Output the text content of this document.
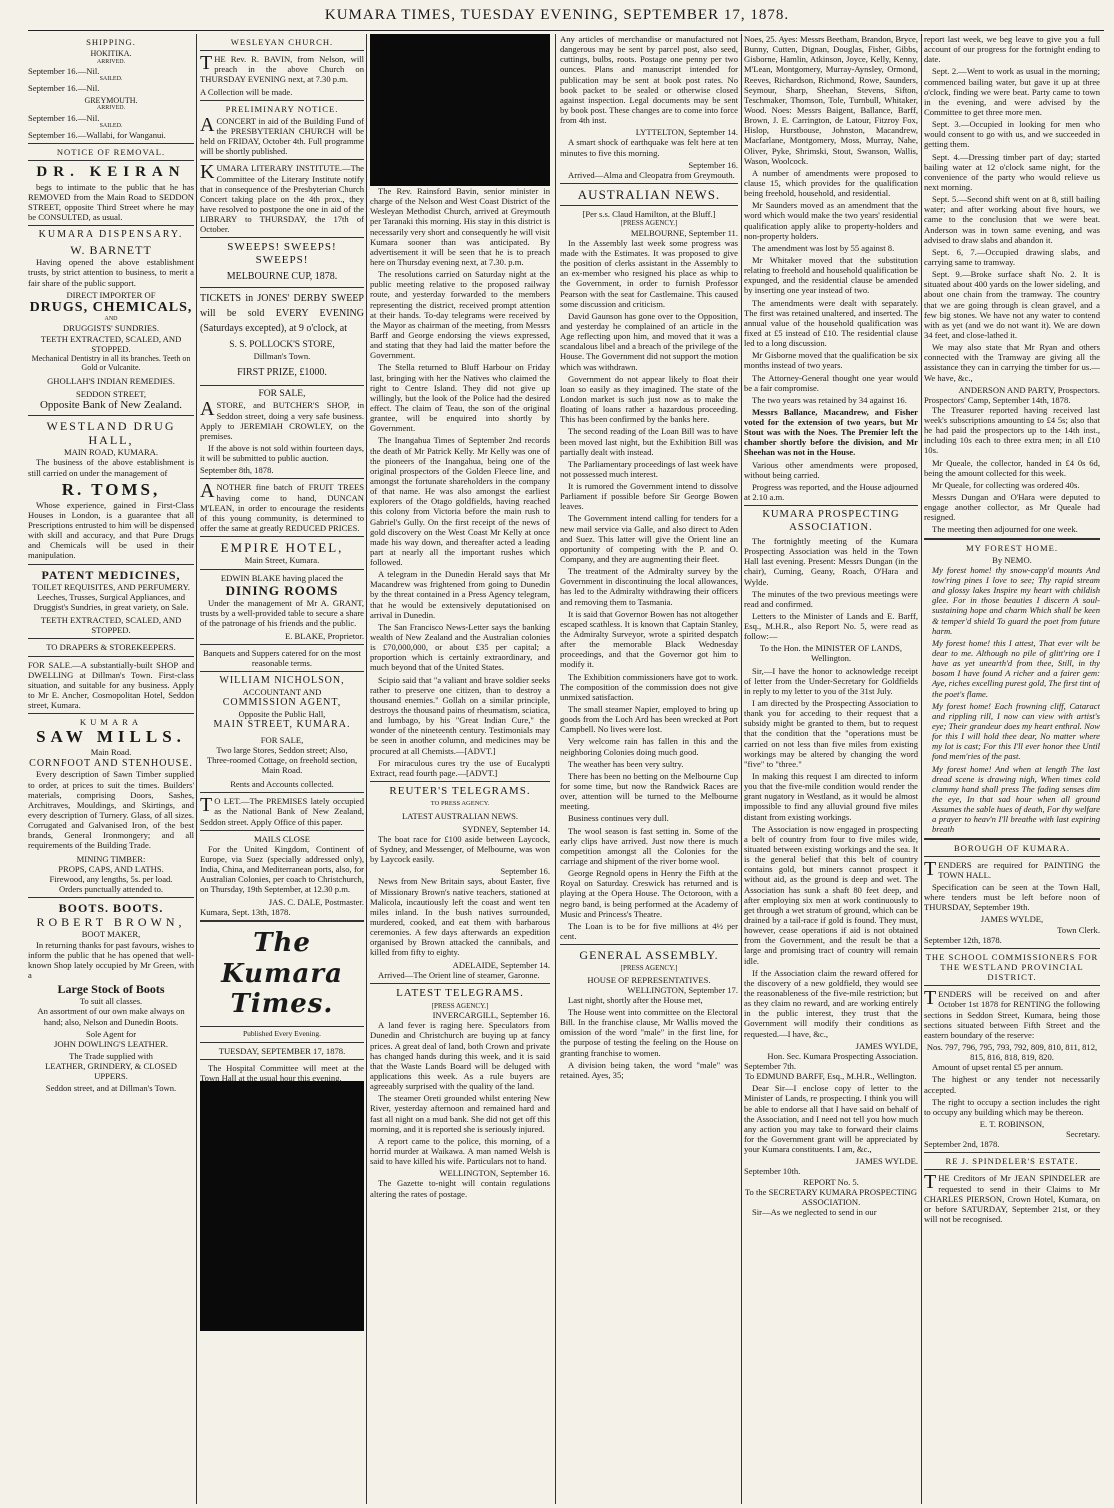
KUMARA TIMES, TUESDAY EVENING, SEPTEMBER 17, 1878.
SHIPPING.
HOKITIKA.
ARRIVED.
September 16.—Nil.
SAILED.
September 16.—Nil.
GREYMOUTH.
ARRIVED.
September 16.—Nil.
SAILED.
September 16.—Wallabi, for Wanganui.
NOTICE OF REMOVAL.
DR. KEIRAN

begs to intimate to the public that he has REMOVED from the Main Road to SEDDON STREET, opposite Third Street where he may be CONSULTED, as usual.

KUMARA DISPENSARY.
W. BARNETT

Having opened the above establishment trusts, by strict attention to business, to merit a fair share of the public support.

DIRECT IMPORTER OF
DRUGS, CHEMICALS,
AND
DRUGGISTS' SUNDRIES.
TEETH EXTRACTED, SCALED, AND STOPPED.
Mechanical Dentistry in all its branches. Teeth on Gold or Vulcanite.
GHOLLAH'S INDIAN REMEDIES.
SEDDON STREET,
Opposite Bank of New Zealand.
WESTLAND DRUG HALL,
MAIN ROAD, KUMARA.

The business of the above establishment is still carried on under the management of

R. TOMS,

Whose experience, gained in First-Class Houses in London, is a guarantee that all Prescriptions entrusted to him will be dispensed with skill and accuracy, and that Pure Drugs and Chemicals will be used in their manipulation.

PATENT MEDICINES,
TOILET REQUISITES, AND PERFUMERY.
Leeches, Trusses, Surgical Appliances, and Druggist's Sundries, in great variety, on Sale.
TEETH EXTRACTED, SCALED, AND STOPPED.
TO DRAPERS & STOREKEEPERS.

FOR SALE.—A substantially-built SHOP and DWELLING at Dillman's Town. First-class situation, and suitable for any business. Apply to Mr E. Ancher, Cosmopolitan Hotel, Seddon street, Kumara.

KUMARA
SAW MILLS.
Main Road.
CORNFOOT AND STENHOUSE.

Every description of Sawn Timber supplied to order, at prices to suit the times. Builders' materials, comprising Doors, Sashes, Architraves, Mouldings, and Skirtings, and every description of Turnery. Glass, of all sizes. Corrugated and Galvanised Iron, of the best brands, General Ironmongery; and all requirements of the Building Trade.

MINING TIMBER:
PROPS, CAPS, AND LATHS.
Firewood, any lengths, 5s. per load.
Orders punctually attended to.
BOOTS. BOOTS.
ROBERT BROWN,
BOOT MAKER,

In returning thanks for past favours, wishes to inform the public that he has opened that well-known Shop lately occupied by Mr Green, with a

Large Stock of Boots
To suit all classes.
An assortment of our own make always on hand; also, Nelson and Dunedin Boots.
Sole Agent for
JOHN DOWLING'S LEATHER.
The Trade supplied with
LEATHER, GRINDERY, & CLOSED UPPERS.
Seddon street, and at Dillman's Town.
WESLEYAN CHURCH.

THE Rev. R. BAVIN, from Nelson, will preach in the above Church on THURSDAY EVENING next, at 7.30 p.m.

A Collection will be made.
PRELIMINARY NOTICE.

ACONCERT in aid of the Building Fund of the PRESBYTERIAN CHURCH will be held on FRIDAY, October 4th. Full programme will be shortly published.

KUMARA LITERARY INSTITUTE.—The Committee of the Literary Institute notify that in consequence of the Presbyterian Church Concert taking place on the 4th prox., they have resolved to postpone the one in aid of the LIBRARY to THURSDAY, the 17th of October.

SWEEPS! SWEEPS! SWEEPS!
MELBOURNE CUP, 1878.

TICKETS in JONES' DERBY SWEEP will be sold EVERY EVENING (Saturdays excepted), at 9 o'clock, at

S. S. POLLOCK'S STORE,
Dillman's Town.
FIRST PRIZE, £1000.
FOR SALE,

ASTORE, and BUTCHER'S SHOP, in Seddon street, doing a very safe business. Apply to JEREMIAH CROWLEY, on the premises.

If the above is not sold within fourteen days, it will be submitted to public auction.

September 8th, 1878.

ANOTHER fine batch of FRUIT TREES having come to hand, DUNCAN M'LEAN, in order to encourage the residents of this young community, is determined to offer the same at greatly REDUCED PRICES.

EMPIRE HOTEL,
Main Street, Kumara.
EDWIN BLAKE having placed the
DINING ROOMS

Under the management of Mr A. GRANT, trusts by a well-provided table to secure a share of the patronage of his friends and the public.

E. BLAKE, Proprietor.
Banquets and Suppers catered for on the most reasonable terms.
WILLIAM NICHOLSON,
ACCOUNTANT AND
COMMISSION AGENT,
Opposite the Public Hall,
MAIN STREET, KUMARA.
FOR SALE,
Two large Stores, Seddon street; Also,
Three-roomed Cottage, on freehold section, Main Road.
Rents and Accounts collected.

TO LET.—The PREMISES lately occupied as the National Bank of New Zealand, Seddon street. Apply Office of this paper.

MAILS CLOSE

For the United Kingdom, Continent of Europe, via Suez (specially addressed only), India, China, and Mediterranean ports, also, for Australian Colonies, per coach to Christchurch, on Thursday, 19th September, at 12.30 p.m.

JAS. C. DALE, Postmaster.
Kumara, Sept. 13th, 1878.
The Kumara Times.
Published Every Evening.
TUESDAY, SEPTEMBER 17, 1878.

The Hospital Committee will meet at the Town Hall at the usual hour this evening.

The Rev. Rainsford Bavin, senior minister in charge of the Nelson and West Coast District of the Wesleyan Methodist Church, arrived at Greymouth per Taranaki this morning. His stay in this district is necessarily very short and consequently he will visit Kumara sooner than was anticipated. By advertisement it will be seen that he is to preach here on Thursday evening next, at 7.30. p.m.

The resolutions carried on Saturday night at the public meeting relative to the proposed railway route, and yesterday forwarded to the members representing the district, received prompt attention at their hands. To-day telegrams were received by the Mayor as chairman of the meeting, from Messrs Barff and George endorsing the views expressed, and stating that they had laid the matter before the Government.

The Stella returned to Bluff Harbour on Friday last, bringing with her the Natives who claimed the right to Centre Island. They did not give up willingly, but the look of the Police had the desired effect. The claim of Teau, the son of the original grantee, will be enquired into shortly by Government.

The Inangahua Times of September 2nd records the death of Mr Patrick Kelly. Mr Kelly was one of the pioneers of the Inangahua, being one of the original prospectors of the Golden Fleece line, and amongst the fortunate shareholders in the company of that name. He was also amongst the earliest explorers of the Otago goldfields, having reached this colony from Victoria before the main rush to Gabriel's Gully. On the first receipt of the news of gold discovery on the West Coast Mr Kelly at once made his way down, and thereafter acted a leading part at nearly all the important rushes which followed.

A telegram in the Dunedin Herald says that Mr Macandrew was frightened from going to Dunedin by the threat contained in a Press Agency telegram, that he would be extensively deputationised on arrival in Dunedin.

The San Francisco News-Letter says the banking wealth of New Zealand and the Australian colonies is £70,000,000, or about £35 per capital; a proportion which is certainly extraordinary, and much beyond that of the United States.

Scipio said that "a valiant and brave soldier seeks rather to preserve one citizen, than to destroy a thousand enemies." Gollah on a similar principle, destroys the thousand pains of rheumatism, sciatica, and lumbago, by his "Great Indian Cure," the wonder of the nineteenth century. Testimonials may be seen in another column, and medicines may be procured at all Chemists.—[ADVT.]

For miraculous cures try the use of Eucalypti Extract, read fourth page.—[ADVT.]

REUTER'S TELEGRAMS.
TO PRESS AGENCY.
LATEST AUSTRALIAN NEWS.
SYDNEY, September 14.

The boat race for £100 aside between Laycock, of Sydney, and Messenger, of Melbourne, was won by Laycock easily.

September 16.

News from New Britain says, about Easter, five of Missionary Brown's native teachers, stationed at Malicola, incautiously left the coast and went ten miles inland. In the bush natives surrounded, murdered, cooked, and eat them with barbarous ceremonies. A few days afterwards an expedition organised by Brown attacked the cannibals, and killed from fifty to eighty.

ADELAIDE, September 14.

Arrived—The Orient line of steamer, Garonne.

LATEST TELEGRAMS.
[PRESS AGENCY.]
INVERCARGILL, September 16.

A land fever is raging here. Speculators from Dunedin and Christchurch are buying up at fancy prices. A great deal of land, both Crown and private has changed hands during this week, and it is said that the Waste Lands Board will be deluged with applications this week. As a rule buyers are agreeably surprised with the quality of the land.

The steamer Oreti grounded whilst entering New River, yesterday afternoon and remained hard and fast all night on a mud bank. She did not get off this morning, and it is reported she is seriously injured.

A report came to the police, this morning, of a horrid murder at Waikawa. A man named Welsh is said to have killed his wife. Particulars not to hand.

WELLINGTON, September 16.

The Gazette to-night will contain regulations altering the rates of postage.

Any articles of merchandise or manufactured not dangerous may be sent by parcel post, also seed, cuttings, bulbs, roots. Postage one penny per two ounces. Plans and manuscript intended for publication may be sent at book post rates. No book packet to be sealed or otherwise closed against inspection. Legal documents may be sent by book post. These changes are to come into force from 4th inst.

LYTTELTON, September 14.

A smart shock of earthquake was felt here at ten minutes to five this morning.

September 16.

Arrived—Alma and Cleopatra from Greymouth.

AUSTRALIAN NEWS.
[Per s.s. Claud Hamilton, at the Bluff.]
[PRESS AGENCY.]
MELBOURNE, September 11.

In the Assembly last week some progress was made with the Estimates. It was proposed to give the position of clerks assistant in the Assembly to an ex-member who resigned his place as whip to the Government, in order to furnish Professor Pearson with the seat for Castlemaine. This caused some discussion and criticism.

David Gaunson has gone over to the Opposition, and yesterday he complained of an article in the Age reflecting upon him, and moved that it was a scandalous libel and a breach of the privilege of the House. The Government did not support the motion which was withdrawn.

Government do not appear likely to float their loan so easily as they imagined. The state of the London market is such just now as to make the floating of loans rather a hazardous proceeding. This has been confirmed by the banks here.

The second reading of the Loan Bill was to have been moved last night, but the Exhibition Bill was partially dealt with instead.

The Parliamentary proceedings of last week have not possessed much interest.

It is rumored the Government intend to dissolve Parliament if possible before Sir George Bowen leaves.

The Government intend calling for tenders for a new mail service via Galle, and also direct to Aden and Suez. This latter will give the Orient line an opportunity of competing with the P. and O. Company, and they are augmenting their fleet.

The treatment of the Admiralty survey by the Government in discontinuing the local allowances, has led to the Admiralty withdrawing their officers and removing them to Tasmania.

It is said that Governor Bowen has not altogether escaped scathless. It is known that Captain Stanley, the Admiralty Surveyor, wrote a spirited despatch after the memorable Black Wednesday proceedings, and that the Governor got him to modify it.

The Exhibition commissioners have got to work. The composition of the commission does not give unmixed satisfaction.

The small steamer Napier, employed to bring up goods from the Loch Ard has been wrecked at Port Campbell. No lives were lost.

Very welcome rain has fallen in this and the neighboring Colonies doing much good.

The weather has been very sultry.

There has been no betting on the Melbourne Cup for some time, but now the Randwick Races are over, attention will be turned to the Melbourne meeting.

Business continues very dull.

The wool season is fast setting in. Some of the early clips have arrived. Just now there is much competition amongst all the Colonies for the carriage and shipment of the river borne wool.

George Regnold opens in Henry the Fifth at the Royal on Saturday. Creswick has returned and is playing at the Opera House. The Octoroon, with a negro band, is being performed at the Academy of Music and Princess's Theatre.

The Loan is to be for five millions at 4½ per cent.

GENERAL ASSEMBLY.
[PRESS AGENCY.]
HOUSE OF REPRESENTATIVES.
WELLINGTON, September 17.

Last night, shortly after the House met,

The House went into committee on the Electoral Bill. In the franchise clause, Mr Wallis moved the omission of the word "male" in the first line, for the purpose of testing the feeling on the House on granting franchise to women.

A division being taken, the word "male" was retained. Ayes, 35;

Noes, 25. Ayes: Messrs Beetham, Brandon, Bryce, Bunny, Cutten, Dignan, Douglas, Fisher, Gibbs, Gisborne, Hamlin, Atkinson, Joyce, Kelly, Kenny, M'Lean, Montgomery, Murray-Aynsley, Ormond, Reeves, Richardson, Richmond, Rowe, Saunders, Seymour, Sharp, Sheehan, Stevens, Sifton, Teschmaker, Thomson, Tole, Turnbull, Whitaker, Wood. Noes: Messrs Baigent, Ballance, Barff, Brown, J. E. Carrington, de Latour, Fitzroy Fox, Hislop, Hurstbouse, Johnston, Macandrew, Macfarlane, Montgomery, Moss, Murray, Nahe, Oliver, Pyke, Shrimski, Stout, Swanson, Wallis, Wason, Woolcock.

A number of amendments were proposed to clause 15, which provides for the qualification being freehold, household, and residential.

Mr Saunders moved as an amendment that the word which would make the two years' residential qualification apply alike to property-holders and non-property holders.

The amendment was lost by 55 against 8.

Mr Whitaker moved that the substitution relating to freehold and household qualification be expunged, and the residential clause be amended by inserting one year instead of two.

The amendments were dealt with separately. The first was retained unaltered, and inserted. The annual value of the household qualification was fixed at £5 instead of £10. The residential clause led to a long discussion.

Mr Gisborne moved that the qualification be six months instead of two years.

The Attorney-General thought one year would be a fair compromise.

The two years was retained by 34 against 16.

Messrs Ballance, Macandrew, and Fisher voted for the extension of two years, but Mr Stout was with the Noes. The Premier left the chamber shortly before the division, and Mr Sheehan was not in the House.

Various other amendments were proposed, without being carried.

Progress was reported, and the House adjourned at 2.10 a.m.

KUMARA PROSPECTING ASSOCIATION.

The fortnightly meeting of the Kumara Prospecting Association was held in the Town Hall last evening. Present: Messrs Dungan (in the chair), Cuming, Geany, Roach, O'Hara and Wylde.

The minutes of the two previous meetings were read and confirmed.

Letters to the Minister of Lands and E. Barff, Esq., M.H.R., also Report No. 5, were read as follow:—

To the Hon. the MINISTER OF LANDS, Wellington.

Sir,—I have the honor to acknowledge receipt of letter from the Under-Secretary for Goldfields in reply to my letter to you of the 31st July.

I am directed by the Prospecting Association to thank you for acceding to their request that a subsidy might be granted to them, but to request that the condition that the "operations must be carried on not less than five miles from existing workings may be altered by changing the word "five" to "three."

In making this request I am directed to inform you that the five-mile condition would render the grant nugatory in Westland, as it would be almost impossible to find any alluvial ground five miles distant from existing workings.

The Association is now engaged in prospecting a belt of country from four to five miles wide, situated between existing workings and the sea. It is the general belief that this belt of country contains gold, but miners cannot prospect it without aid, as the ground is deep and wet. The Association has sunk a shaft 80 feet deep, and after employing six men at work continuously to get through a wet stratum of ground, which can be drained by a tail-race if gold is found. They must, however, cease operations if aid is not obtained from the Government, and the result be that a large and promising tract of country will remain idle.

If the Association claim the reward offered for the discovery of a new goldfield, they would see the reasonableness of the five-mile restriction; but as they claim no reward, and are working entirely in the public interest, they trust that the Government will modify their conditions as requested.—I have, &c.,

JAMES WYLDE,
Hon. Sec. Kumara Prospecting Association.
September 7th.

To EDMUND BARFF, Esq., M.H.R., Wellington.

Dear Sir—I enclose copy of letter to the Minister of Lands, re prospecting. I think you will be able to endorse all that I have said on behalf of the Association, and I need not tell you how much any action you may take to forward their claims for the Government grant will be appreciated by your Kumara constituents. I am, &c.,

JAMES WYLDE.
September 10th.
REPORT No. 5.
To the SECRETARY KUMARA PROSPECTING ASSOCIATION.

Sir—As we neglected to send in our

report last week, we beg leave to give you a full account of our progress for the fortnight ending to date.

Sept. 2.—Went to work as usual in the morning; commenced bailing water, but gave it up at three o'clock, finding we were beat. Party came to town in the evening, and were advised by the Committee to get three more men.

Sept. 3.—Occupied in looking for men who would consent to go with us, and we succeeded in getting them.

Sept. 4.—Dressing timber part of day; started bailing water at 12 o'clock same night, for the convenience of the party who would relieve us next morning.

Sept. 5.—Second shift went on at 8, still bailing water; and after working about five hours, we came to the conclusion that we were beat. Anderson was in town same evening, and was advised to draw slabs and abandon it.

Sept. 6, 7.—Occupied drawing slabs, and carrying same to tramway.

Sept. 9.—Broke surface shaft No. 2. It is situated about 400 yards on the lower sideling, and about one chain from the tramway. The country that we are going through is clean gravel, and a few big stones. We have not any water to contend with as yet (and we do not want it). We are down 34 feet, and close-lathed it.

We may also state that Mr Ryan and others connected with the Tramway are giving all the assistance they can in carrying the timber for us.—We have, &c.,

ANDERSON AND PARTY, Prospectors.
Prospectors' Camp, September 14th, 1878.

The Treasurer reported having received last week's subscriptions amounting to £4 5s; also that he had paid the prospectors up to the 14th inst., including 10s each to three extra men; in all £10 10s.

Mr Queale, the collector, handed in £4 0s 6d, being the amount collected for this week.

Mr Queale, for collecting was ordered 40s.

Messrs Dungan and O'Hara were deputed to engage another collector, as Mr Queale had resigned.

The meeting then adjourned for one week.

MY FOREST HOME.
By NEMO.

My forest home! thy snow-capp'd mounts And tow'ring pines I love to see; Thy rapid stream and glossy lakes Inspire my heart with childish glee. For in those beauties I discern A soul-sustaining hope and charm Which shall be keen & temper'd shield To guard the poet from future harm.

My forest home! this I attest, That ever wilt be dear to me. Although no pile of glitt'ring ore I have as yet unearth'd from thee, Still, in thy bosom I have found A richer and a fairer gem: Aye, riches excelling purest gold, The first tint of the poet's flame.

My forest home! Each frowning cliff, Cataract and rippling rill, I now can view with artist's eye; Their grandeur does my heart enthral. Now for this I will hold thee dear, No matter where my lot is cast; For this I'll ever honor thee Until fond mem'ries of the past.

My forest home! And when at length The last dread scene is drawing nigh, When times cold clammy hand shall press The fading senses dim the eye, In that sad hour when all ground Assumes the sable hues of death, For thy welfare a prayer to heav'n I'll breathe with last expiring breath

BOROUGH OF KUMARA.

TENDERS are required for PAINTING the TOWN HALL.

Specification can be seen at the Town Hall, where tenders must be left before noon of THURSDAY, September 19th.

JAMES WYLDE,
Town Clerk.
September 12th, 1878.
THE SCHOOL COMMISSIONERS FOR THE WESTLAND PROVINCIAL DISTRICT.

TENDERS will be received on and after October 1st 1878 for RENTING the following sections in Seddon Street, Kumara, being those sections situated between Fifth Street and the eastern boundary of the reserve:

Nos. 797, 796, 795, 793, 792, 809, 810, 811, 812, 815, 816, 818, 819, 820.

Amount of upset rental £5 per annum.

The highest or any tender not necessarily accepted.

The right to occupy a section includes the right to occupy any building which may be thereon.

E. T. ROBINSON,
Secretary.
September 2nd, 1878.
RE J. SPINDELER'S ESTATE.

THE Creditors of Mr JEAN SPINDELER are requested to send in their Claims to Mr CHARLES PIERSON, Crown Hotel, Kumara, on or before SATURDAY, September 21st, or they will not be recognised.
